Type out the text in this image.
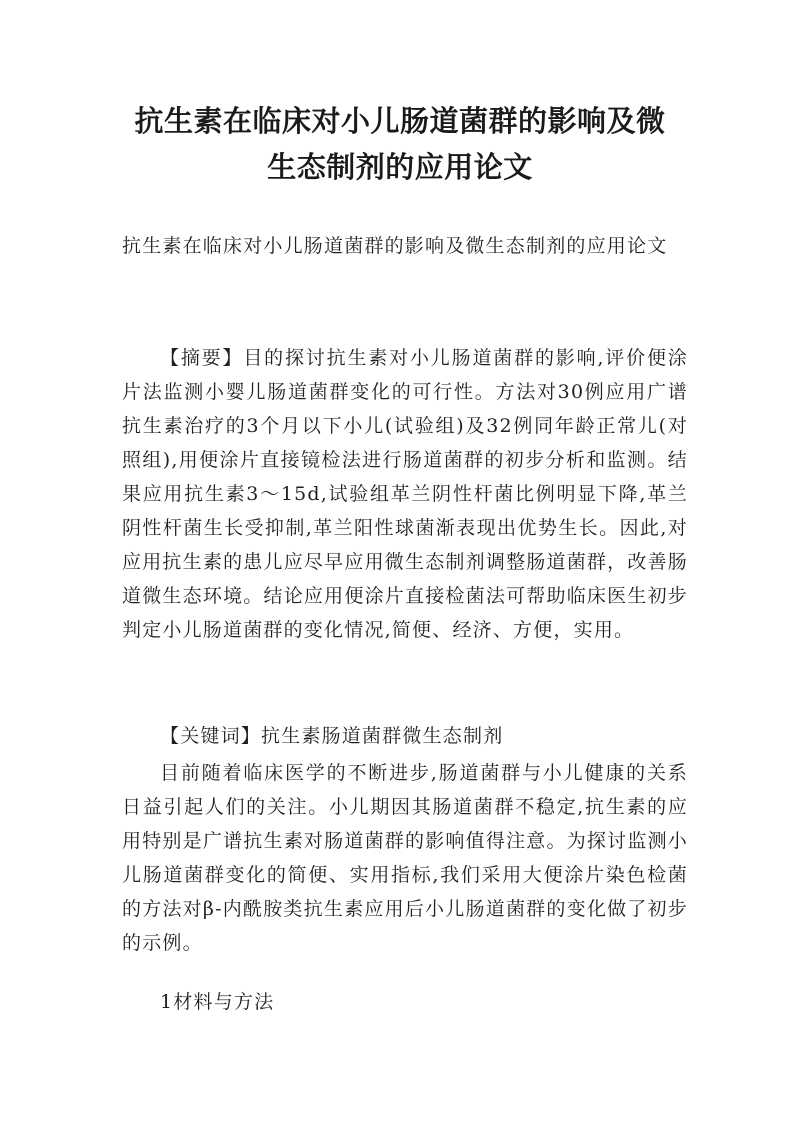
抗生素在临床对小儿肠道菌群的影响及微
生态制剂的应用论文

抗生素在临床对小儿肠道菌群的影响及微生态制剂的应用论文

【摘要】目的探讨抗生素对小儿肠道菌群的影响,评价便涂片法监测小婴儿肠道菌群变化的可行性。方法对30例应用广谱抗生素治疗的3个月以下小儿(试验组)及32例同年龄正常儿(对照组),用便涂片直接镜检法进行肠道菌群的初步分析和监测。结果应用抗生素3～15d,试验组革兰阴性杆菌比例明显下降,革兰阴性杆菌生长受抑制,革兰阳性球菌渐表现出优势生长。因此,对应用抗生素的患儿应尽早应用微生态制剂调整肠道菌群，改善肠道微生态环境。结论应用便涂片直接检菌法可帮助临床医生初步判定小儿肠道菌群的变化情况,简便、经济、方便，实用。

【关键词】抗生素肠道菌群微生态制剂

目前随着临床医学的不断进步,肠道菌群与小儿健康的关系日益引起人们的关注。小儿期因其肠道菌群不稳定,抗生素的应用特别是广谱抗生素对肠道菌群的影响值得注意。为探讨监测小儿肠道菌群变化的简便、实用指标,我们采用大便涂片染色检菌的方法对β-内酰胺类抗生素应用后小儿肠道菌群的变化做了初步的示例。

1材料与方法
